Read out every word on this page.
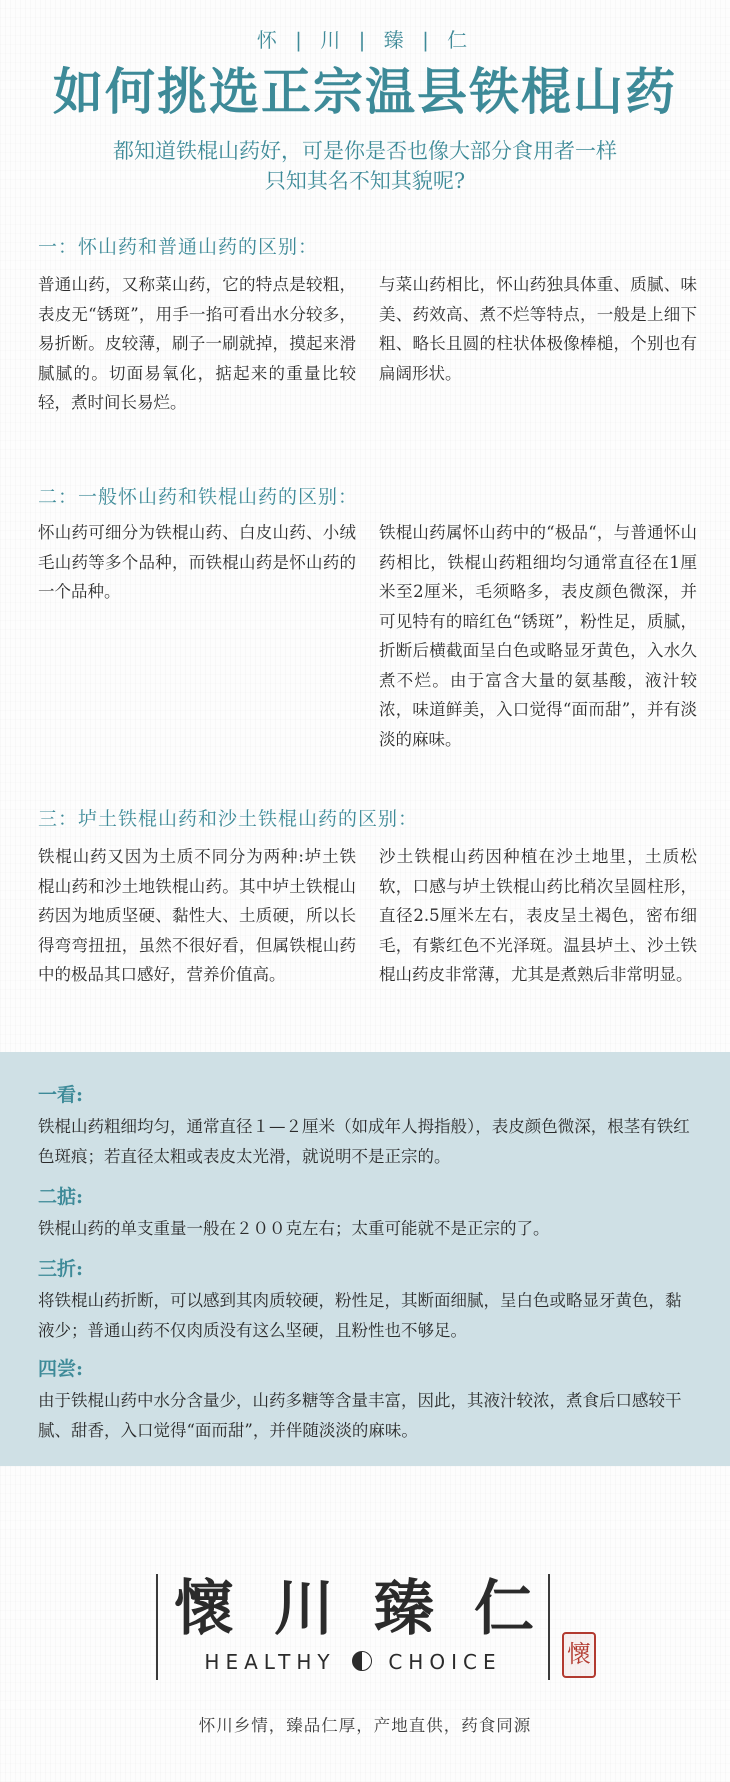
怀 | 川 | 臻 | 仁
如何挑选正宗温县铁棍山药
都知道铁棍山药好，可是你是否也像大部分食用者一样
只知其名不知其貌呢?
一：怀山药和普通山药的区别：
普通山药，又称菜山药，它的特点是较粗，表皮无“锈斑”，用手一掐可看出水分较多，易折断。皮较薄，刷子一刷就掉，摸起来滑腻腻的。切面易氧化，掂起来的重量比较轻，煮时间长易烂。
与菜山药相比，怀山药独具体重、质腻、味美、药效高、煮不烂等特点，一般是上细下粗、略长且圆的柱状体极像棒槌，个别也有扁阔形状。
二：一般怀山药和铁棍山药的区别：
怀山药可细分为铁棍山药、白皮山药、小绒毛山药等多个品种，而铁棍山药是怀山药的一个品种。
铁棍山药属怀山药中的“极品“，与普通怀山药相比，铁棍山药粗细均匀通常直径在1厘米至2厘米，毛须略多，表皮颜色微深，并可见特有的暗红色“锈斑”，粉性足，质腻，折断后横截面呈白色或略显牙黄色，入水久煮不烂。由于富含大量的氨基酸，液汁较浓，味道鲜美，入口觉得“面而甜”，并有淡淡的麻味。
三：垆土铁棍山药和沙土铁棍山药的区别：
铁棍山药又因为土质不同分为两种:垆土铁棍山药和沙土地铁棍山药。其中垆土铁棍山药因为地质坚硬、黏性大、土质硬，所以长得弯弯扭扭，虽然不很好看，但属铁棍山药中的极品其口感好，营养价值高。
沙土铁棍山药因种植在沙土地里，土质松软，口感与垆土铁棍山药比稍次呈圆柱形，直径2.5厘米左右，表皮呈土褐色，密布细毛，有紫红色不光泽斑。温县垆土、沙土铁棍山药皮非常薄，尤其是煮熟后非常明显。
一看:
铁棍山药粗细均匀，通常直径１—２厘米（如成年人拇指般），表皮颜色微深，根茎有铁红色斑痕；若直径太粗或表皮太光滑，就说明不是正宗的。
二掂:
铁棍山药的单支重量一般在２００克左右；太重可能就不是正宗的了。
三折:
将铁棍山药折断，可以感到其肉质较硬，粉性足，其断面细腻，呈白色或略显牙黄色，黏液少；普通山药不仅肉质没有这么坚硬，且粉性也不够足。
四尝:
由于铁棍山药中水分含量少，山药多糖等含量丰富，因此，其液汁较浓，煮食后口感较干腻、甜香，入口觉得“面而甜”，并伴随淡淡的麻味。
懷 川 臻 仁
HEALTHY	CHOICE	懷
怀川乡情，臻品仁厚，产地直供，药食同源
